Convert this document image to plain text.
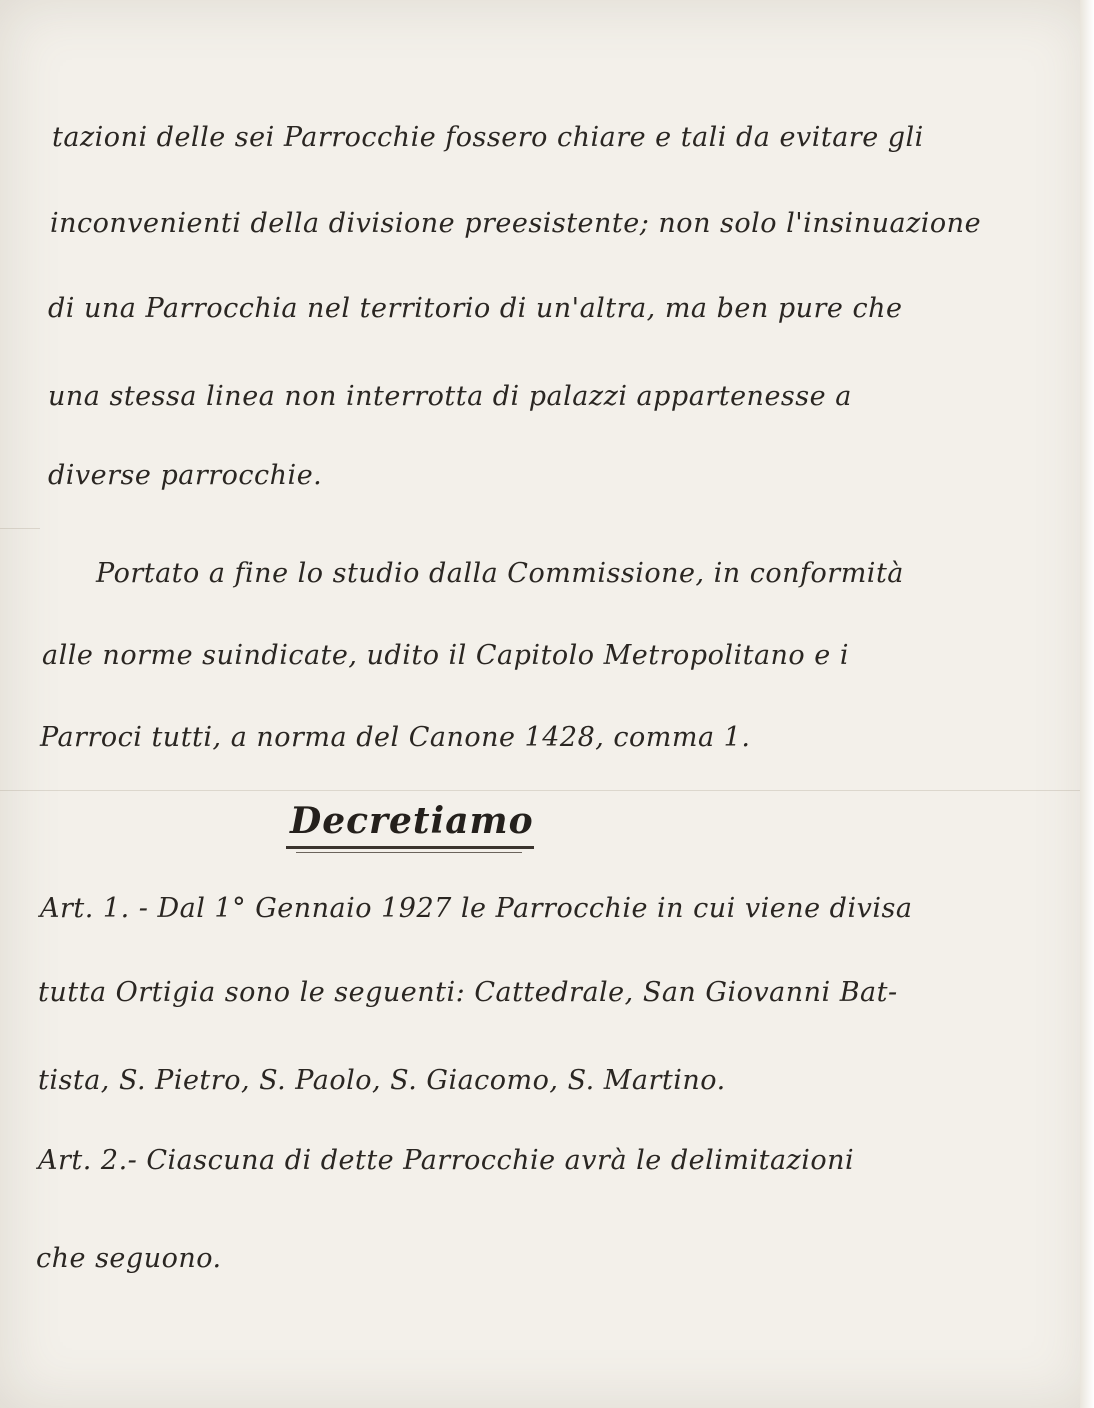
tazioni delle sei Parrocchie fossero chiare e tali da evitare gli

inconvenienti della divisione preesistente; non solo l'insinuazione

di una Parrocchia nel territorio di un'altra, ma ben pure che

una stessa linea non interrotta di palazzi appartenesse a

diverse parrocchie.

Portato a fine lo studio dalla Commissione, in conformità

alle norme suindicate, udito il Capitolo Metropolitano e i

Parroci tutti, a norma del Canone 1428, comma 1.

Decretiamo

Art. 1. - Dal 1° Gennaio 1927 le Parrocchie in cui viene divisa

tutta Ortigia sono le seguenti: Cattedrale, San Giovanni Bat-

tista, S. Pietro, S. Paolo, S. Giacomo, S. Martino.

Art. 2.- Ciascuna di dette Parrocchie avrà le delimitazioni

che seguono.
